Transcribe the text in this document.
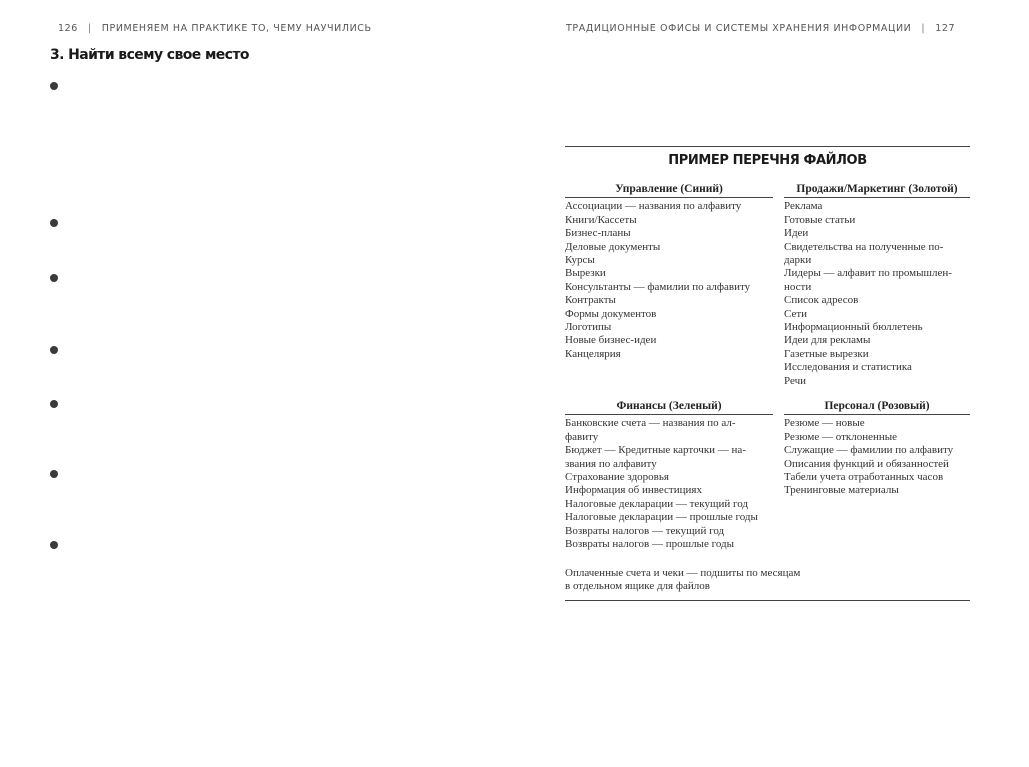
126 | ПРИМЕНЯЕМ НА ПРАКТИКЕ ТО, ЧЕМУ НАУЧИЛИСЬ
3. Найти всему свое место
ТРАДИЦИОННЫЕ ОФИСЫ И СИСТЕМЫ ХРАНЕНИЯ ИНФОРМАЦИИ | 127
ПРИМЕР ПЕРЕЧНЯ ФАЙЛОВ
Управление (Синий)
Ассоциации — названия по алфавиту
Книги/Кассеты
Бизнес-планы
Деловые документы
Курсы
Вырезки
Консультанты — фамилии по алфавиту
Контракты
Формы документов
Логотипы
Новые бизнес-идеи
Канцелярия
Продажи/Маркетинг (Золотой)
Реклама
Готовые статьи
Идеи
Свидетельства на полученные по-
дарки
Лидеры — алфавит по промышлен-
ности
Список адресов
Сети
Информационный бюллетень
Идеи для рекламы
Газетные вырезки
Исследования и статистика
Речи
Финансы (Зеленый)
Банковские счета — названия по ал-
фавиту
Бюджет — Кредитные карточки — на-
звания по алфавиту
Страхование здоровья
Информация об инвестициях
Налоговые декларации — текущий год
Налоговые декларации — прошлые годы
Возвраты налогов — текущий год
Возвраты налогов — прошлые годы
Персонал (Розовый)
Резюме — новые
Резюме — отклоненные
Служащие — фамилии по алфавиту
Описания функций и обязанностей
Табели учета отработанных часов
Тренинговые материалы
Оплаченные счета и чеки — подшиты по месяцам
в отдельном ящике для файлов
